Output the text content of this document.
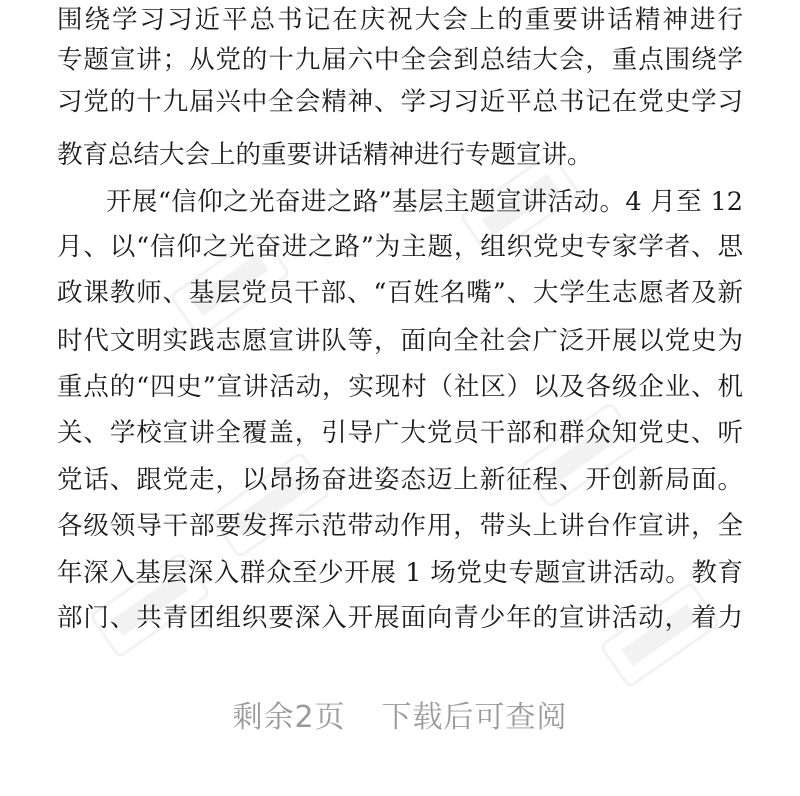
围绕学习习近平总书记在庆祝大会上的重要讲话精神进行
专题宣讲；从党的十九届六中全会到总结大会，重点围绕学
习党的十九届兴中全会精神、学习习近平总书记在党史学习
教育总结大会上的重要讲话精神进行专题宣讲。
开展“信仰之光奋进之路”基层主题宣讲活动。4 月至 12
月、以“信仰之光奋进之路”为主题，组织党史专家学者、思
政课教师、基层党员干部、“百姓名嘴”、大学生志愿者及新
时代文明实践志愿宣讲队等，面向全社会广泛开展以党史为
重点的“四史”宣讲活动，实现村（社区）以及各级企业、机
关、学校宣讲全覆盖，引导广大党员干部和群众知党史、听
党话、跟党走，以昂扬奋进姿态迈上新征程、开创新局面。
各级领导干部要发挥示范带动作用，带头上讲台作宣讲，全
年深入基层深入群众至少开展 1 场党史专题宣讲活动。教育
部门、共青团组织要深入开展面向青少年的宣讲活动，着力
剩余2页 下载后可查阅
